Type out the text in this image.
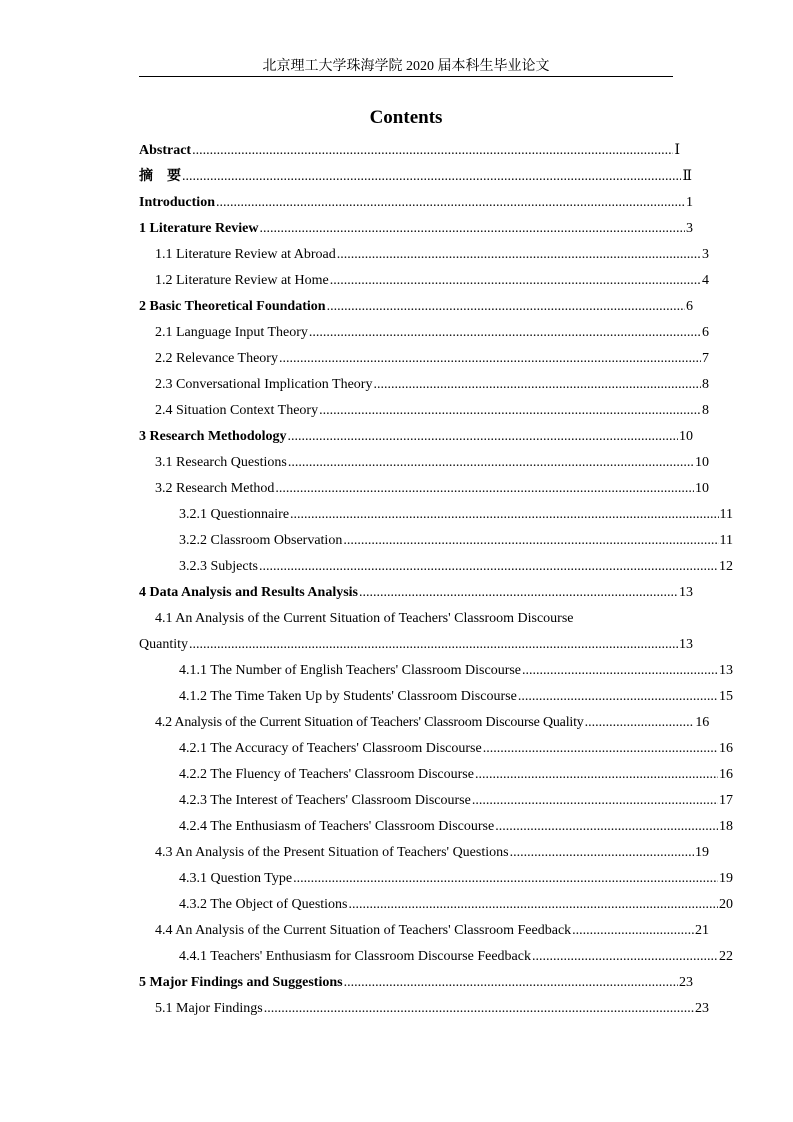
北京理工大学珠海学院 2020 届本科生毕业论文
Contents
Abstract .....	Ⅰ
摘　要 .....	Ⅱ
Introduction .....	1
1 Literature Review .....	3
1.1 Literature Review at Abroad .....	3
1.2 Literature Review at Home .....	4
2 Basic Theoretical Foundation .....	6
2.1 Language Input Theory .....	6
2.2 Relevance Theory .....	7
2.3 Conversational Implication Theory .....	8
2.4 Situation Context Theory .....	8
3 Research Methodology .....	10
3.1 Research Questions .....	10
3.2 Research Method .....	10
3.2.1 Questionnaire .....	11
3.2.2 Classroom Observation .....	11
3.2.3 Subjects .....	12
4 Data Analysis and Results Analysis .....	13
4.1 An Analysis of the Current Situation of Teachers' Classroom Discourse
Quantity .....	13
4.1.1 The Number of English Teachers' Classroom Discourse .....	13
4.1.2 The Time Taken Up by Students' Classroom Discourse .....	15
4.2 Analysis of the Current Situation of Teachers' Classroom Discourse Quality .....	16
4.2.1 The Accuracy of Teachers' Classroom Discourse .....	16
4.2.2 The Fluency of Teachers' Classroom Discourse .....	16
4.2.3 The Interest of Teachers' Classroom Discourse .....	17
4.2.4 The Enthusiasm of Teachers' Classroom Discourse .....	18
4.3 An Analysis of the Present Situation of Teachers' Questions .....	19
4.3.1 Question Type .....	19
4.3.2 The Object of Questions .....	20
4.4 An Analysis of the Current Situation of Teachers' Classroom Feedback .....	21
4.4.1 Teachers' Enthusiasm for Classroom Discourse Feedback .....	22
5 Major Findings and Suggestions .....	23
5.1 Major Findings .....	23
